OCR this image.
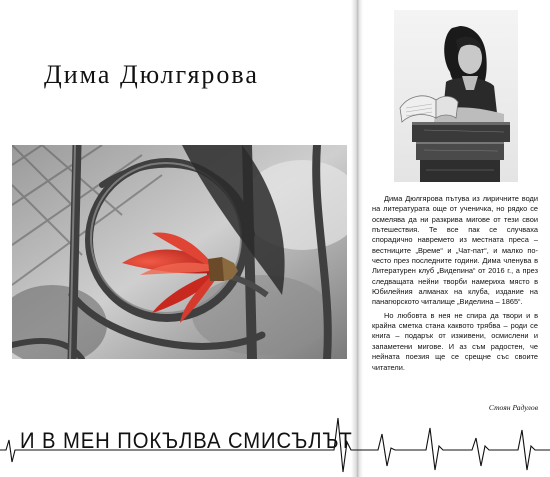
Дима Дюлгярова

Дима Дюлгярова пътува из лиричните води на литературата още от ученичка, но рядко се осмелява да ни разкрива мигове от тези свои пътешествия. Те все пак се случваха спорадично навремето из местната преса – вестниците „Време“ и „Чат-пат“, и малко по-често през последните години. Дима членува в Литературен клуб „Видепина“ от 2016 г., а през следващата нейни творби намериха място в Юбилейния алманах на клуба, издание на панагюрското читалище „Виделина – 1865“.

Но любовта в нея не спира да твори и в крайна сметка стана каквото трябва – роди се книга – подарък от изживени, осмислени и запаметени мигове. И аз съм радостен, че нейната поезия ще се срещне със своите читатели.

Стоян Радулов
И В МЕН ПОКЪЛВА СМИСЪЛЪТ
